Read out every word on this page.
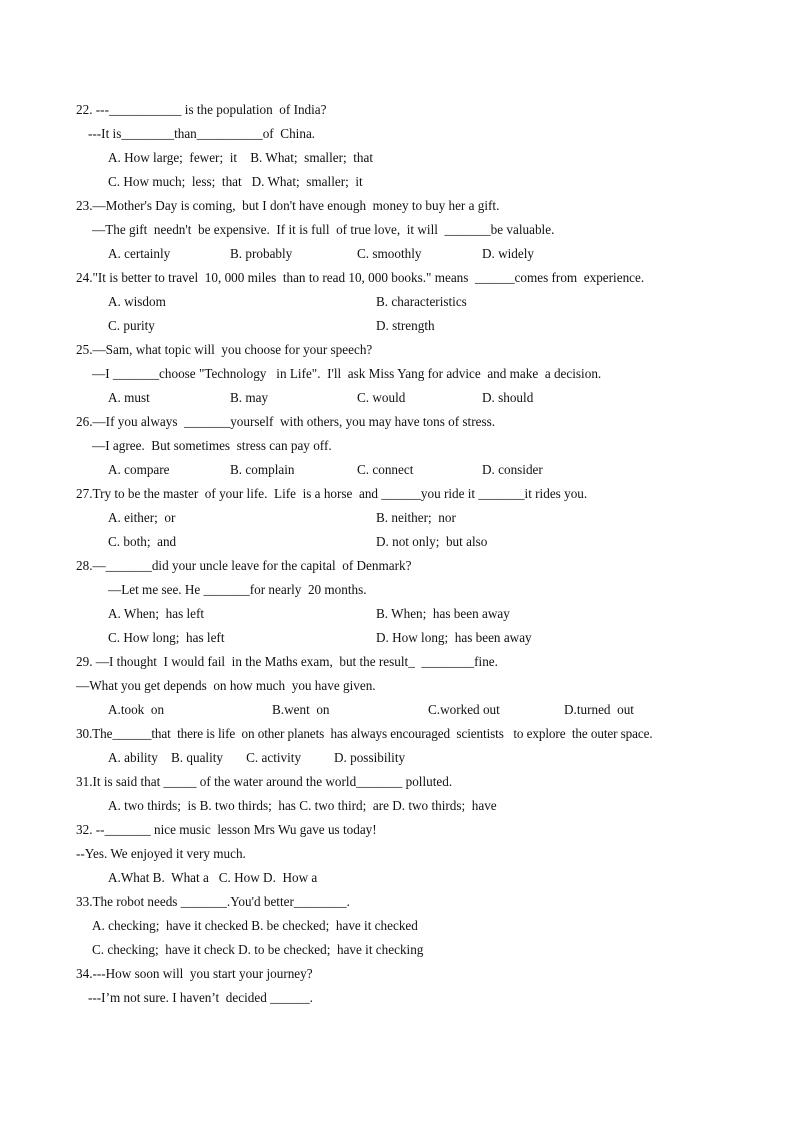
22. ---___________ is the population  of India?
---It is________than__________of  China.
A. How large;  fewer;  it    B. What;  smaller;  that
C. How much;  less;  that   D. What;  smaller;  it
23.—Mother's Day is coming,  but I don't have enough  money to buy her a gift.
—The gift  needn't  be expensive.  If it is full  of true love,  it will  _______be valuable.
A. certainly	B. probably	C. smoothly	D. widely
24."It is better to travel  10, 000 miles  than to read 10, 000 books." means  ______comes from  experience.
A. wisdom	B. characteristics
C. purity	D. strength
25.—Sam, what topic will  you choose for your speech?
—I _______choose "Technology   in Life".  I'll  ask Miss Yang for advice  and make  a decision.
A. must	B. may	C. would	D. should
26.—If you always  _______yourself  with others, you may have tons of stress.
—I agree.  But sometimes  stress can pay off.
A. compare	B. complain	C. connect	D. consider
27.Try to be the master  of your life.  Life  is a horse  and ______you ride it _______it rides you.
A. either;  or	B. neither;  nor
C. both;  and	D. not only;  but also
28.—_______did your uncle leave for the capital  of Denmark?
—Let me see. He _______for nearly  20 months.
A. When;  has left	B. When;  has been away
C. How long;  has left	D. How long;  has been away
29. —I thought  I would fail  in the Maths exam,  but the result_  ________fine.
—What you get depends  on how much  you have given.
A.took  on	B.went  on	C.worked out	D.turned  out
30.The______that  there is life  on other planets  has always encouraged  scientists   to explore  the outer space.
A. ability    B. quality       C. activity          D. possibility
31.It is said that _____ of the water around the world_______ polluted.
A. two thirds;  is B. two thirds;  has C. two third;  are D. two thirds;  have
32. --_______ nice music  lesson Mrs Wu gave us today!
--Yes. We enjoyed it very much.
A.What B.  What a   C. How D.  How a
33.The robot needs _______.You'd better________.
A. checking;  have it checked B. be checked;  have it checked
C. checking;  have it check D. to be checked;  have it checking
34.---How soon will  you start your journey?
---I’m not sure. I haven’t  decided ______.
